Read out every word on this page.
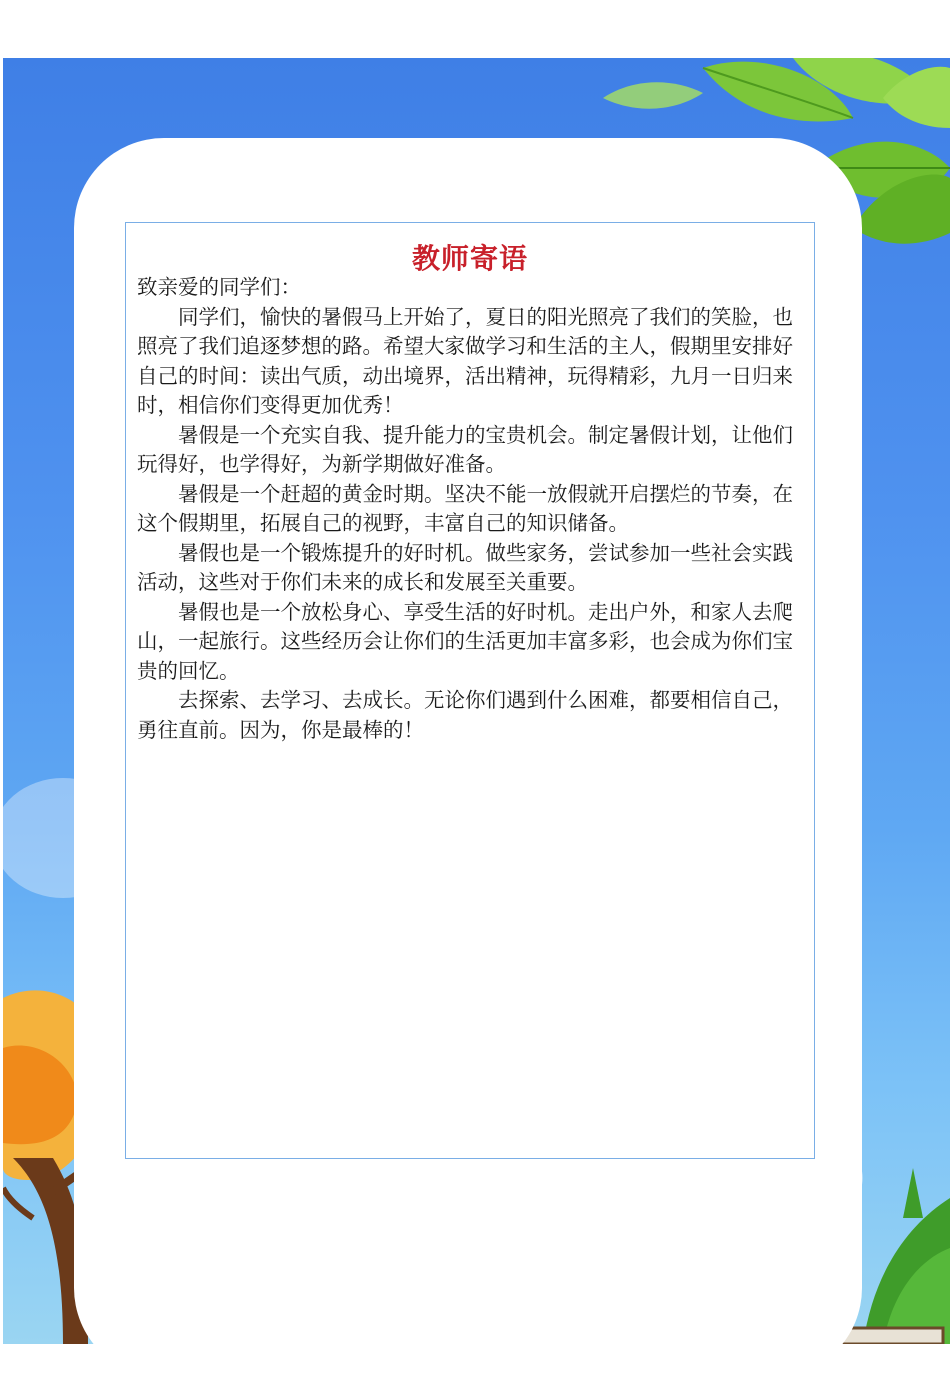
教师寄语

致亲爱的同学们：

同学们，愉快的暑假马上开始了，夏日的阳光照亮了我们的笑脸，也照亮了我们追逐梦想的路。希望大家做学习和生活的主人，假期里安排好自己的时间：读出气质，动出境界，活出精神，玩得精彩，九月一日归来时，相信你们变得更加优秀！

暑假是一个充实自我、提升能力的宝贵机会。制定暑假计划，让他们玩得好，也学得好，为新学期做好准备。

暑假是一个赶超的黄金时期。坚决不能一放假就开启摆烂的节奏，在这个假期里，拓展自己的视野，丰富自己的知识储备。

暑假也是一个锻炼提升的好时机。做些家务，尝试参加一些社会实践活动，这些对于你们未来的成长和发展至关重要。

暑假也是一个放松身心、享受生活的好时机。走出户外，和家人去爬山，一起旅行。这些经历会让你们的生活更加丰富多彩，也会成为你们宝贵的回忆。

去探索、去学习、去成长。无论你们遇到什么困难，都要相信自己，勇往直前。因为，你是最棒的！
